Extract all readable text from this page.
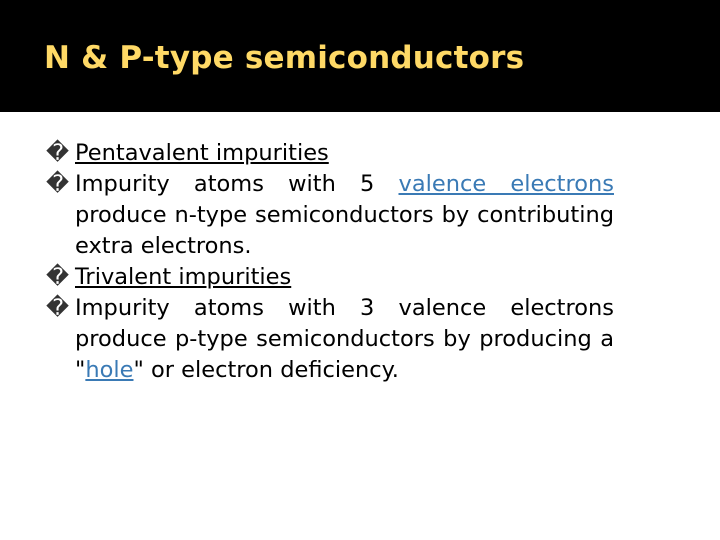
N & P-type semiconductors
� Pentavalent impurities
� Impurity atoms with 5 valence electrons produce n-type semiconductors by contributing extra electrons.
� Trivalent impurities
� Impurity atoms with 3 valence electrons produce p-type semiconductors by producing a "hole" or electron deficiency.
